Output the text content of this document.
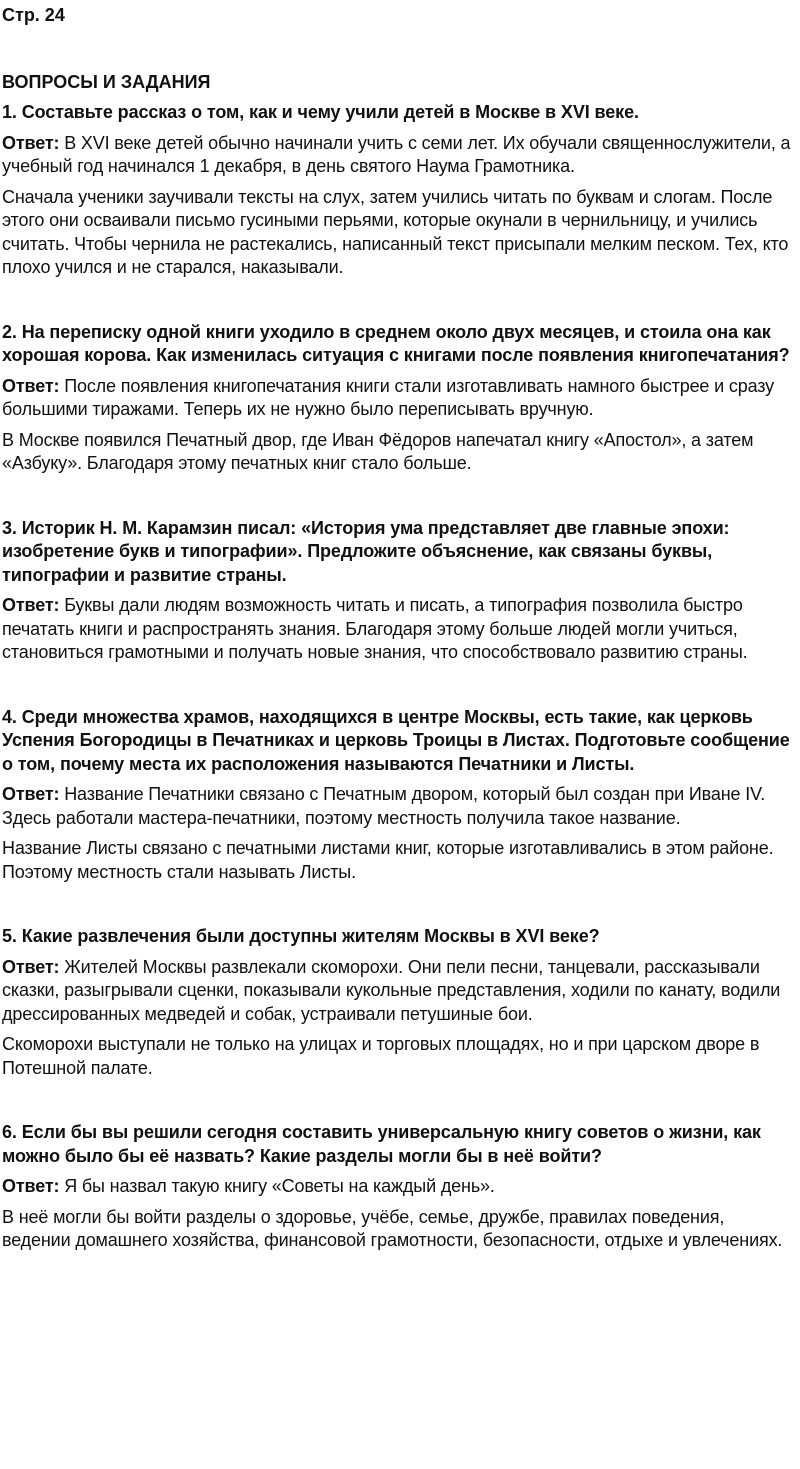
Стр. 24
ВОПРОСЫ И ЗАДАНИЯ
1. Составьте рассказ о том, как и чему учили детей в Москве в XVI веке.
Ответ: В XVI веке детей обычно начинали учить с семи лет. Их обучали священнослужители, а учебный год начинался 1 декабря, в день святого Наума Грамотника.
Сначала ученики заучивали тексты на слух, затем учились читать по буквам и слогам. После этого они осваивали письмо гусиными перьями, которые окунали в чернильницу, и учились считать. Чтобы чернила не растекались, написанный текст присыпали мелким песком. Тех, кто плохо учился и не старался, наказывали.
2. На переписку одной книги уходило в среднем около двух месяцев, и стоила она как хорошая корова. Как изменилась ситуация с книгами после появления книгопечатания?
Ответ: После появления книгопечатания книги стали изготавливать намного быстрее и сразу большими тиражами. Теперь их не нужно было переписывать вручную.
В Москве появился Печатный двор, где Иван Фёдоров напечатал книгу «Апостол», а затем «Азбуку». Благодаря этому печатных книг стало больше.
3. Историк Н. М. Карамзин писал: «История ума представляет две главные эпохи: изобретение букв и типографии». Предложите объяснение, как связаны буквы, типографии и развитие страны.
Ответ: Буквы дали людям возможность читать и писать, а типография позволила быстро печатать книги и распространять знания. Благодаря этому больше людей могли учиться, становиться грамотными и получать новые знания, что способствовало развитию страны.
4. Среди множества храмов, находящихся в центре Москвы, есть такие, как церковь Успения Богородицы в Печатниках и церковь Троицы в Листах. Подготовьте сообщение о том, почему места их расположения называются Печатники и Листы.
Ответ: Название Печатники связано с Печатным двором, который был создан при Иване IV. Здесь работали мастера-печатники, поэтому местность получила такое название.
Название Листы связано с печатными листами книг, которые изготавливались в этом районе. Поэтому местность стали называть Листы.
5. Какие развлечения были доступны жителям Москвы в XVI веке?
Ответ: Жителей Москвы развлекали скоморохи. Они пели песни, танцевали, рассказывали сказки, разыгрывали сценки, показывали кукольные представления, ходили по канату, водили дрессированных медведей и собак, устраивали петушиные бои.
Скоморохи выступали не только на улицах и торговых площадях, но и при царском дворе в Потешной палате.
6. Если бы вы решили сегодня составить универсальную книгу советов о жизни, как можно было бы её назвать? Какие разделы могли бы в неё войти?
Ответ: Я бы назвал такую книгу «Советы на каждый день».
В неё могли бы войти разделы о здоровье, учёбе, семье, дружбе, правилах поведения, ведении домашнего хозяйства, финансовой грамотности, безопасности, отдыхе и увлечениях.
